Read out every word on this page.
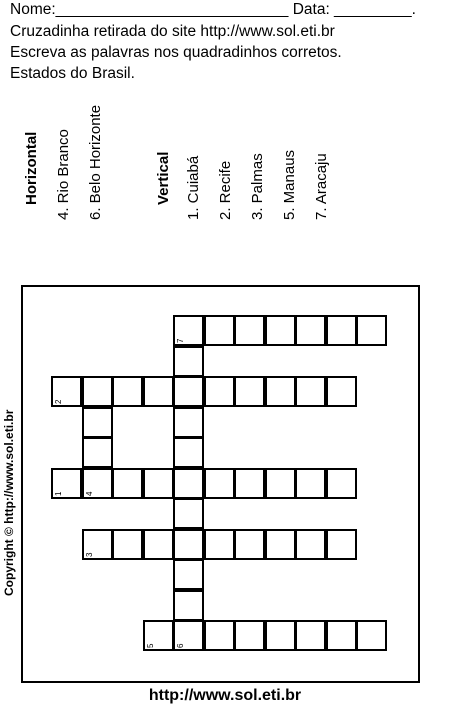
Nome:___________________________ Data: _________.

Cruzadinha retirada do site http://www.sol.eti.br

Escreva as palavras nos quadradinhos corretos.

Estados do Brasil.

Horizontal 4. Rio Branco 6. Belo Horizonte	Vertical 1. Cuiabá 2. Recife 3. Palmas 5. Manaus 7. Aracaju
7
2
1	4
3
5	6
Copyright © http://www.sol.eti.br
http://www.sol.eti.br
